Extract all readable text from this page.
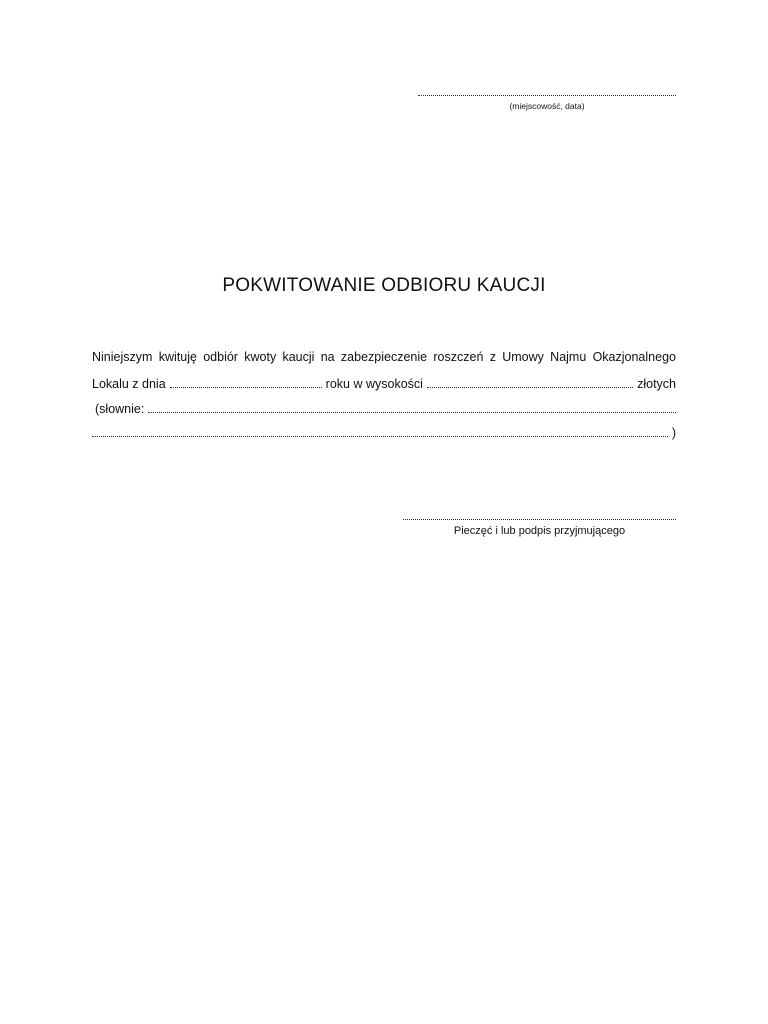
(miejscowość, data)
POKWITOWANIE ODBIORU KAUCJI
Niniejszym kwituję odbiór kwoty kaucji na zabezpieczenie roszczeń z Umowy Najmu Okazjonalnego
Lokalu z dnia	roku w wysokości	złotych
(słownie:
)
Pieczęć i lub podpis przyjmującego
